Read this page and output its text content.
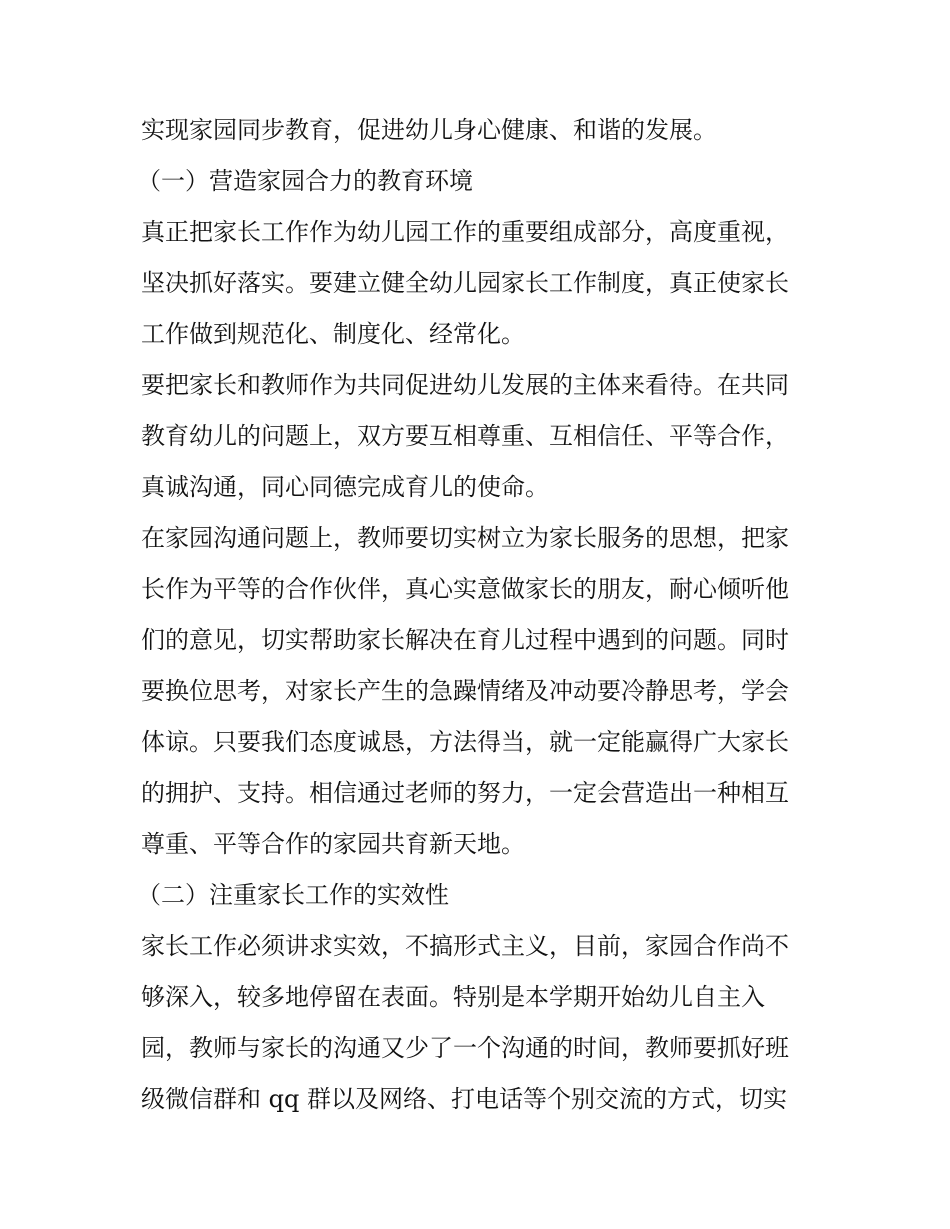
实现家园同步教育，促进幼儿身心健康、和谐的发展。
（一）营造家园合力的教育环境
真正把家长工作作为幼儿园工作的重要组成部分，高度重视，
坚决抓好落实。要建立健全幼儿园家长工作制度，真正使家长
工作做到规范化、制度化、经常化。
要把家长和教师作为共同促进幼儿发展的主体来看待。在共同
教育幼儿的问题上，双方要互相尊重、互相信任、平等合作，
真诚沟通，同心同德完成育儿的使命。
在家园沟通问题上，教师要切实树立为家长服务的思想，把家
长作为平等的合作伙伴，真心实意做家长的朋友，耐心倾听他
们的意见，切实帮助家长解决在育儿过程中遇到的问题。同时
要换位思考，对家长产生的急躁情绪及冲动要冷静思考，学会
体谅。只要我们态度诚恳，方法得当，就一定能赢得广大家长
的拥护、支持。相信通过老师的努力，一定会营造出一种相互
尊重、平等合作的家园共育新天地。
（二）注重家长工作的实效性
家长工作必须讲求实效，不搞形式主义，目前，家园合作尚不
够深入，较多地停留在表面。特别是本学期开始幼儿自主入
园，教师与家长的沟通又少了一个沟通的时间，教师要抓好班
级微信群和 qq 群以及网络、打电话等个别交流的方式，切实
